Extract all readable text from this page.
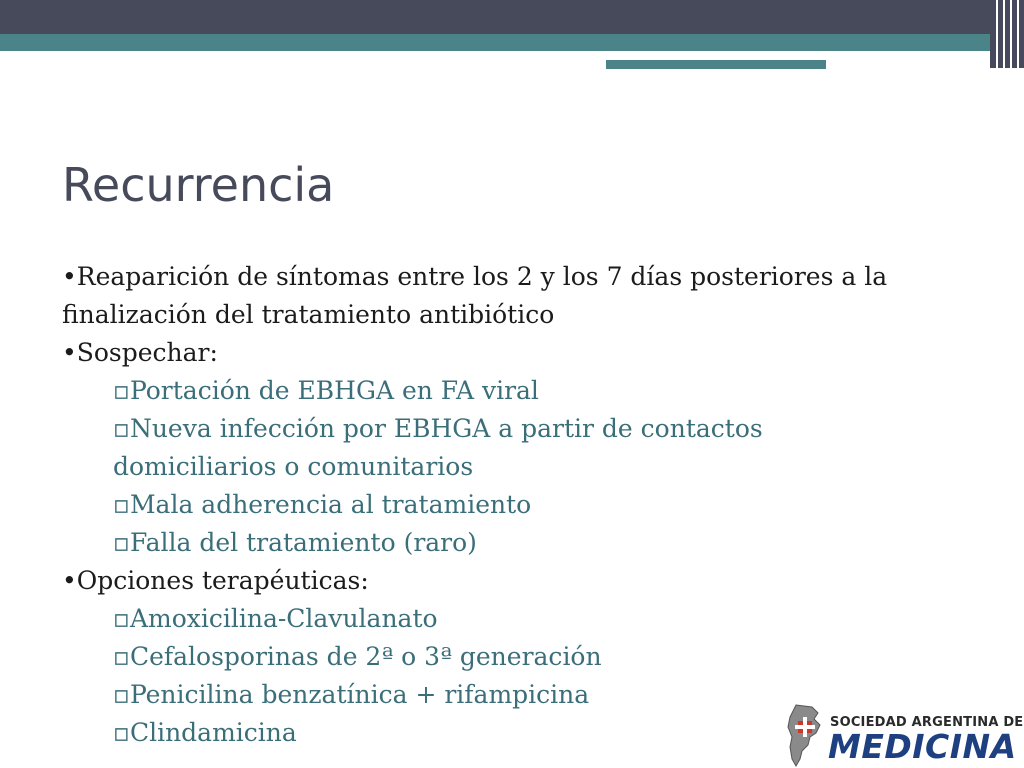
Recurrencia

•Reaparición de síntomas entre los 2 y los 7 días posteriores a la

finalización del tratamiento antibiótico

•Sospechar:

▫Portación de EBHGA en FA viral

▫Nueva infección por EBHGA a partir de contactos

domiciliarios o comunitarios

▫Mala adherencia al tratamiento

▫Falla del tratamiento (raro)

•Opciones terapéuticas:

▫Amoxicilina-Clavulanato

▫Cefalosporinas de 2ª o 3ª generación

▫Penicilina benzatínica + rifampicina

▫Clindamicina	SOCIEDAD ARGENTINA DE
MEDICINA
